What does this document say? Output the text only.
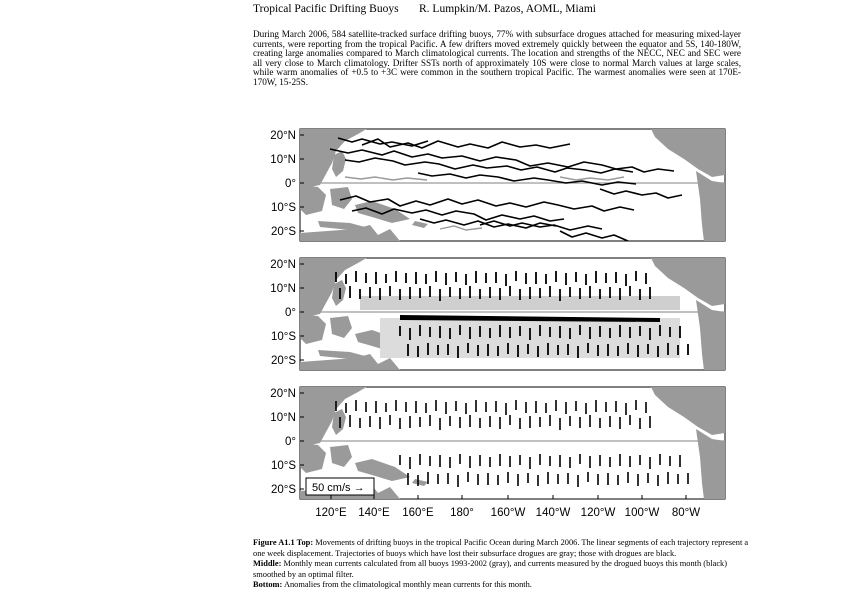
Tropical Pacific Drifting Buoys R. Lumpkin/M. Pazos, AOML, Miami

During March 2006, 584 satellite-tracked surface drifting buoys, 77% with subsurface drogues attached for measuring mixed-layer currents, were reporting from the tropical Pacific. A few drifters moved extremely quickly between the equator and 5S, 140-180W, creating large anomalies compared to March climatological currents. The location and strengths of the NECC, NEC and SEC were all very close to March climatology. Drifter SSTs north of approximately 10S were close to normal March values at large scales, while warm anomalies of +0.5 to +3C were common in the southern tropical Pacific. The warmest anomalies were seen at 170E-170W, 15-25S.

20°N
10°N
0°
10°S
20°S
20°N
10°N
0°
10°S
20°S
50 cm/s →
20°N
10°N
0°
10°S
20°S
120°E 140°E 160°E 180° 160°W 140°W 120°W 100°W 80°W

Figure A1.1 Top: Movements of drifting buoys in the tropical Pacific Ocean during March 2006. The linear segments of each trajectory represent a one week displacement. Trajectories of buoys which have lost their subsurface drogues are gray; those with drogues are black.

Middle: Monthly mean currents calculated from all buoys 1993-2002 (gray), and currents measured by the drogued buoys this month (black) smoothed by an optimal filter.

Bottom: Anomalies from the climatological monthly mean currents for this month.
